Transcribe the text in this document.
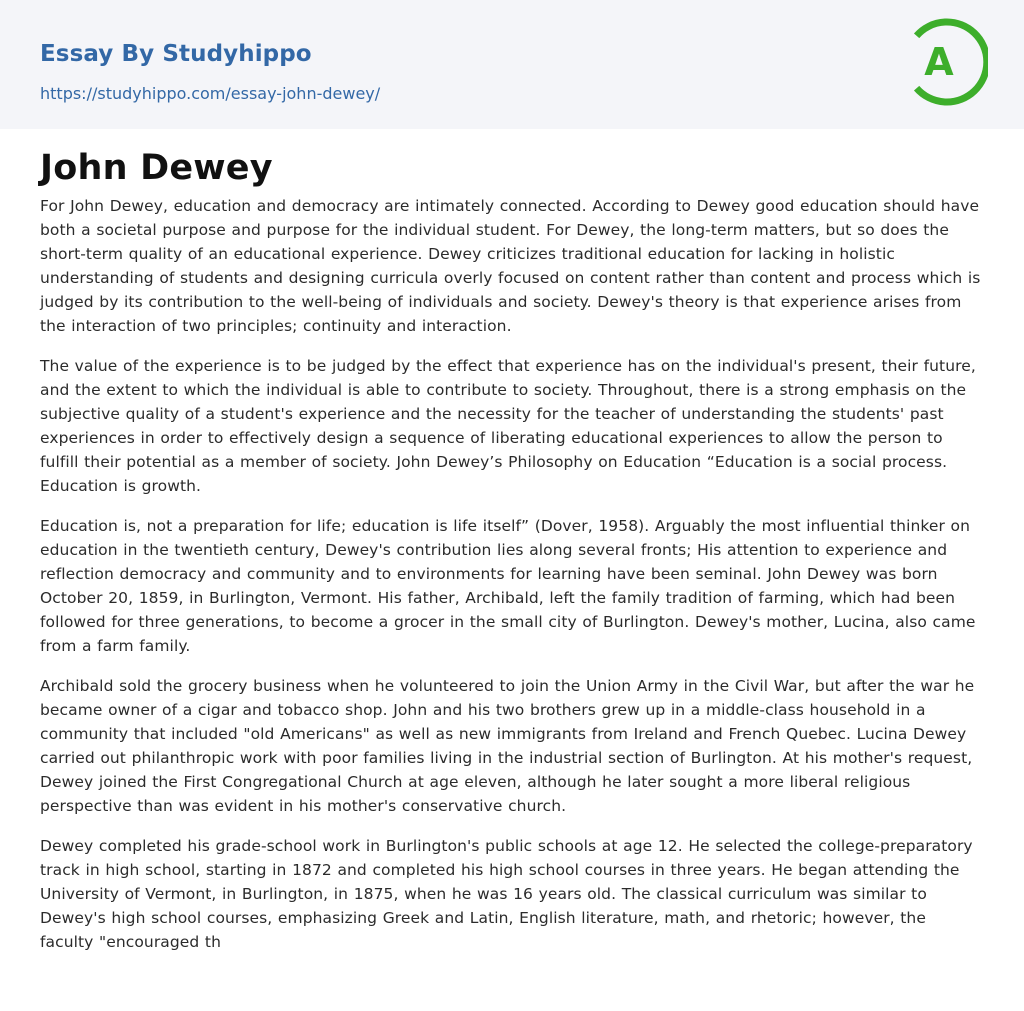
Essay By Studyhippo
https://studyhippo.com/essay-john-dewey/
A
John Dewey

For John Dewey, education and democracy are intimately connected. According to Dewey good education should have both a societal purpose and purpose for the individual student. For Dewey, the long-term matters, but so does the short-term quality of an educational experience. Dewey criticizes traditional education for lacking in holistic understanding of students and designing curricula overly focused on content rather than content and process which is judged by its contribution to the well-being of individuals and society. Dewey's theory is that experience arises from the interaction of two principles; continuity and interaction.

The value of the experience is to be judged by the effect that experience has on the individual's present, their future, and the extent to which the individual is able to contribute to society. Throughout, there is a strong emphasis on the subjective quality of a student's experience and the necessity for the teacher of understanding the students' past experiences in order to effectively design a sequence of liberating educational experiences to allow the person to fulfill their potential as a member of society. John Dewey’s Philosophy on Education “Education is a social process. Education is growth.

Education is, not a preparation for life; education is life itself” (Dover, 1958). Arguably the most influential thinker on education in the twentieth century, Dewey's contribution lies along several fronts; His attention to experience and reflection democracy and community and to environments for learning have been seminal. John Dewey was born October 20, 1859, in Burlington, Vermont. His father, Archibald, left the family tradition of farming, which had been followed for three generations, to become a grocer in the small city of Burlington. Dewey's mother, Lucina, also came from a farm family.

Archibald sold the grocery business when he volunteered to join the Union Army in the Civil War, but after the war he became owner of a cigar and tobacco shop. John and his two brothers grew up in a middle-class household in a community that included "old Americans" as well as new immigrants from Ireland and French Quebec. Lucina Dewey carried out philanthropic work with poor families living in the industrial section of Burlington. At his mother's request, Dewey joined the First Congregational Church at age eleven, although he later sought a more liberal religious perspective than was evident in his mother's conservative church.

Dewey completed his grade-school work in Burlington's public schools at age 12. He selected the college-preparatory track in high school, starting in 1872 and completed his high school courses in three years. He began attending the University of Vermont, in Burlington, in 1875, when he was 16 years old. The classical curriculum was similar to Dewey's high school courses, emphasizing Greek and Latin, English literature, math, and rhetoric; however, the faculty "encouraged th
